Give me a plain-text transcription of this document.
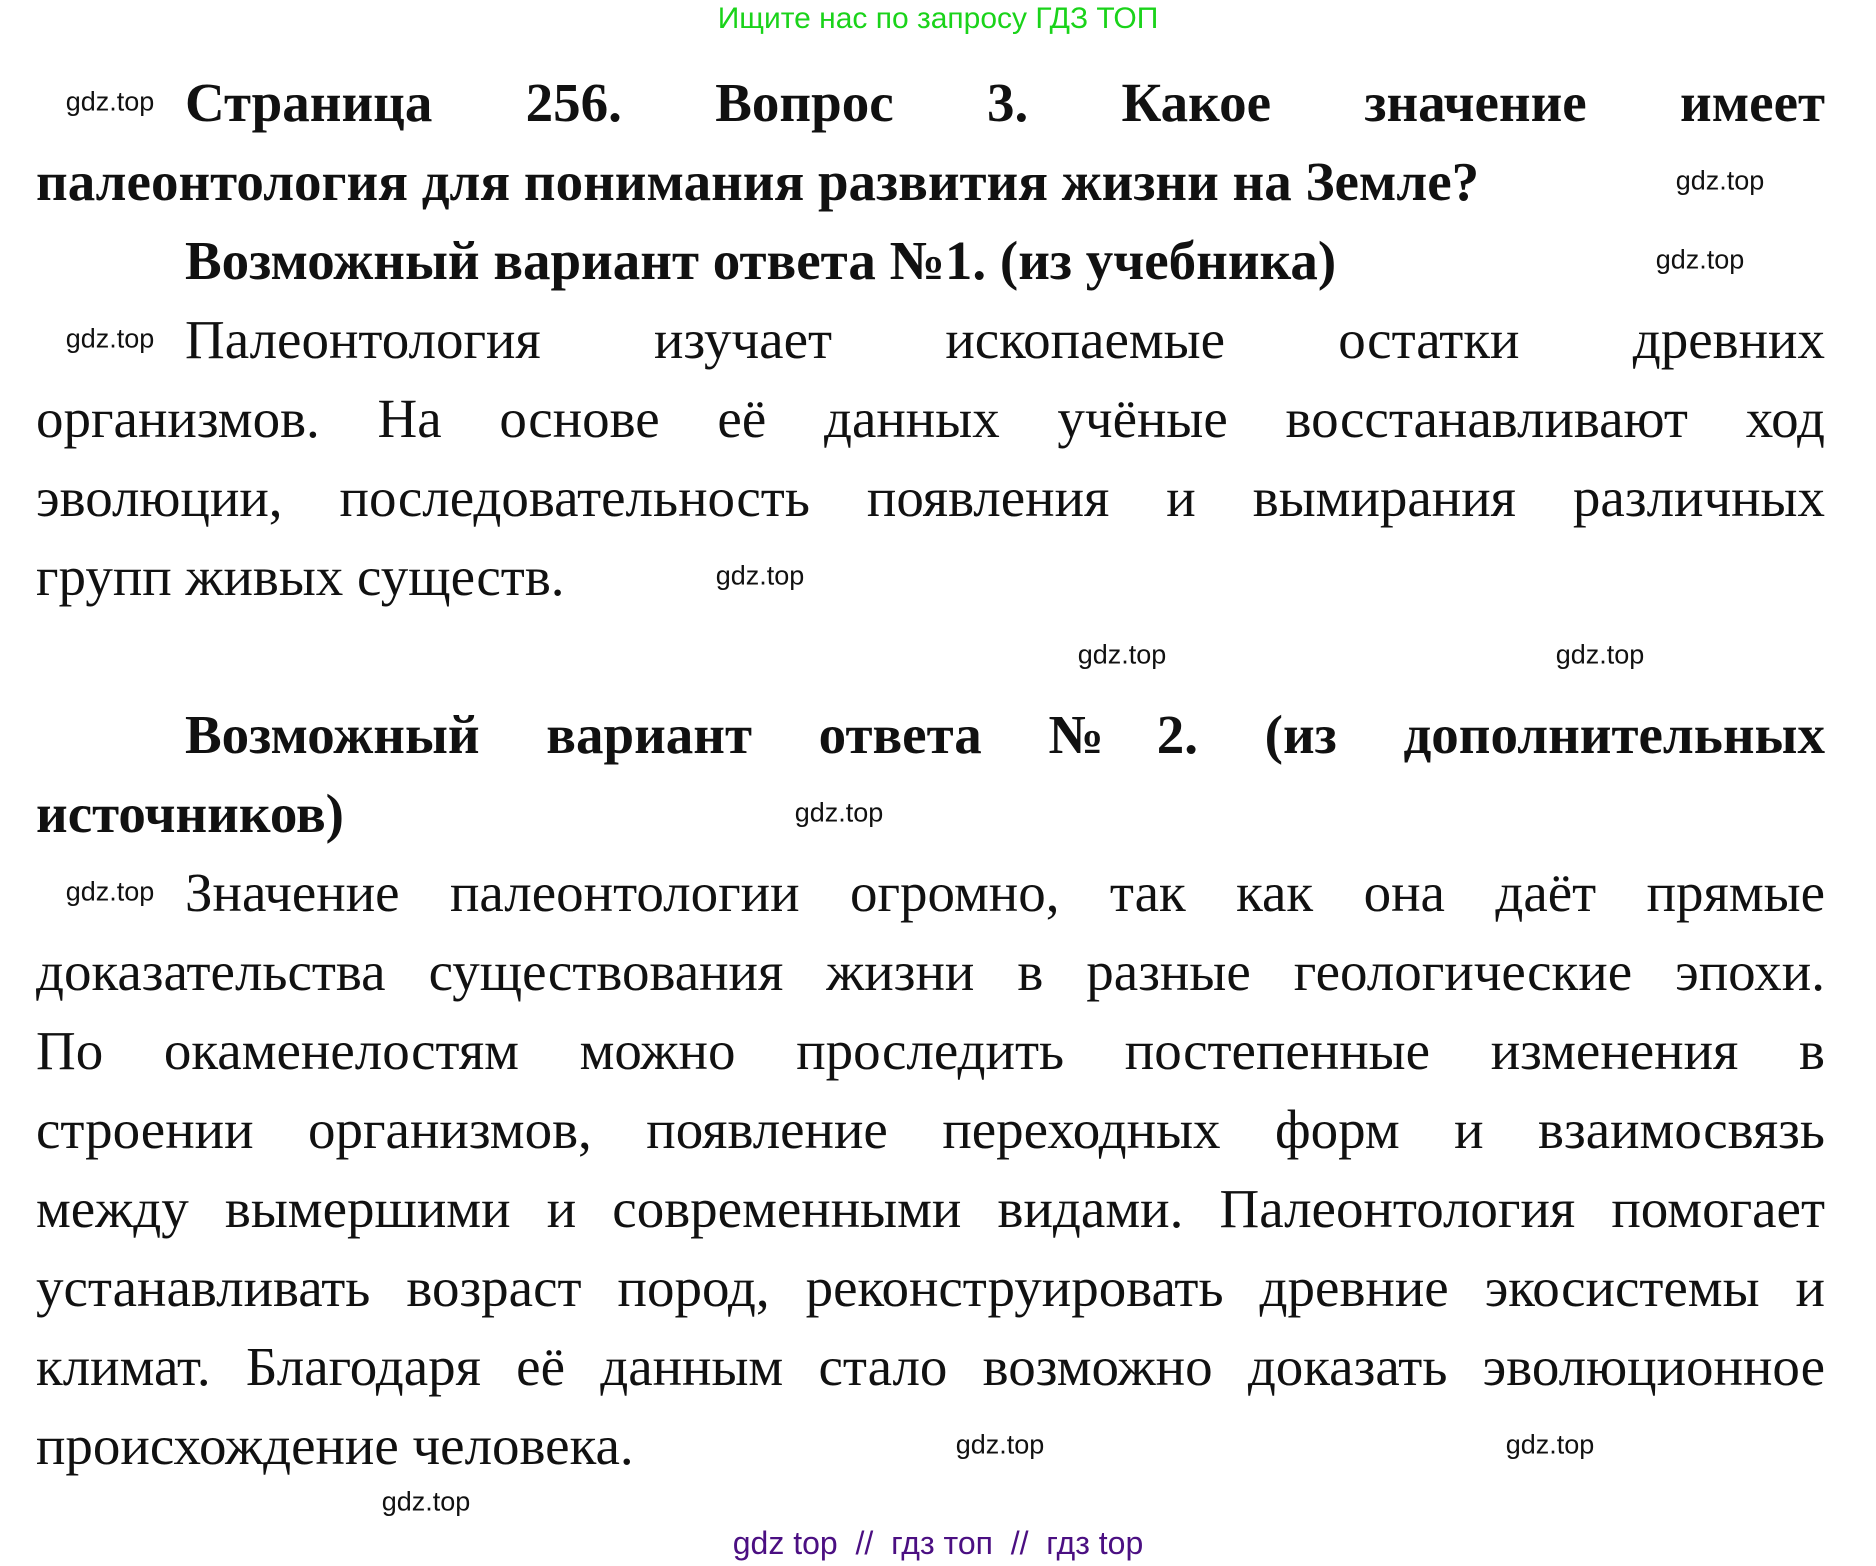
Ищите нас по запросу ГДЗ ТОП
Страница 256. Вопрос 3. Какое значение имеет
палеонтология для понимания развития жизни на Земле?
Возможный вариант ответа №1. (из учебника)
Палеонтология изучает ископаемые остатки древних
организмов. На основе её данных учёные восстанавливают ход
эволюции, последовательность появления и вымирания различных
групп живых существ.
Возможный вариант ответа №2. (из дополнительных
источников)
Значение палеонтологии огромно, так как она даёт прямые
доказательства существования жизни в разные геологические эпохи.
По окаменелостям можно проследить постепенные изменения в
строении организмов, появление переходных форм и взаимосвязь
между вымершими и современными видами. Палеонтология помогает
устанавливать возраст пород, реконструировать древние экосистемы и
климат. Благодаря её данным стало возможно доказать эволюционное
происхождение человека.
gdz.top
gdz.top
gdz.top
gdz.top
gdz.top
gdz.top	gdz.top
gdz.top
gdz.top
gdz.top	gdz.top
gdz.top
gdz top  //  гдз топ  //  гдз top
